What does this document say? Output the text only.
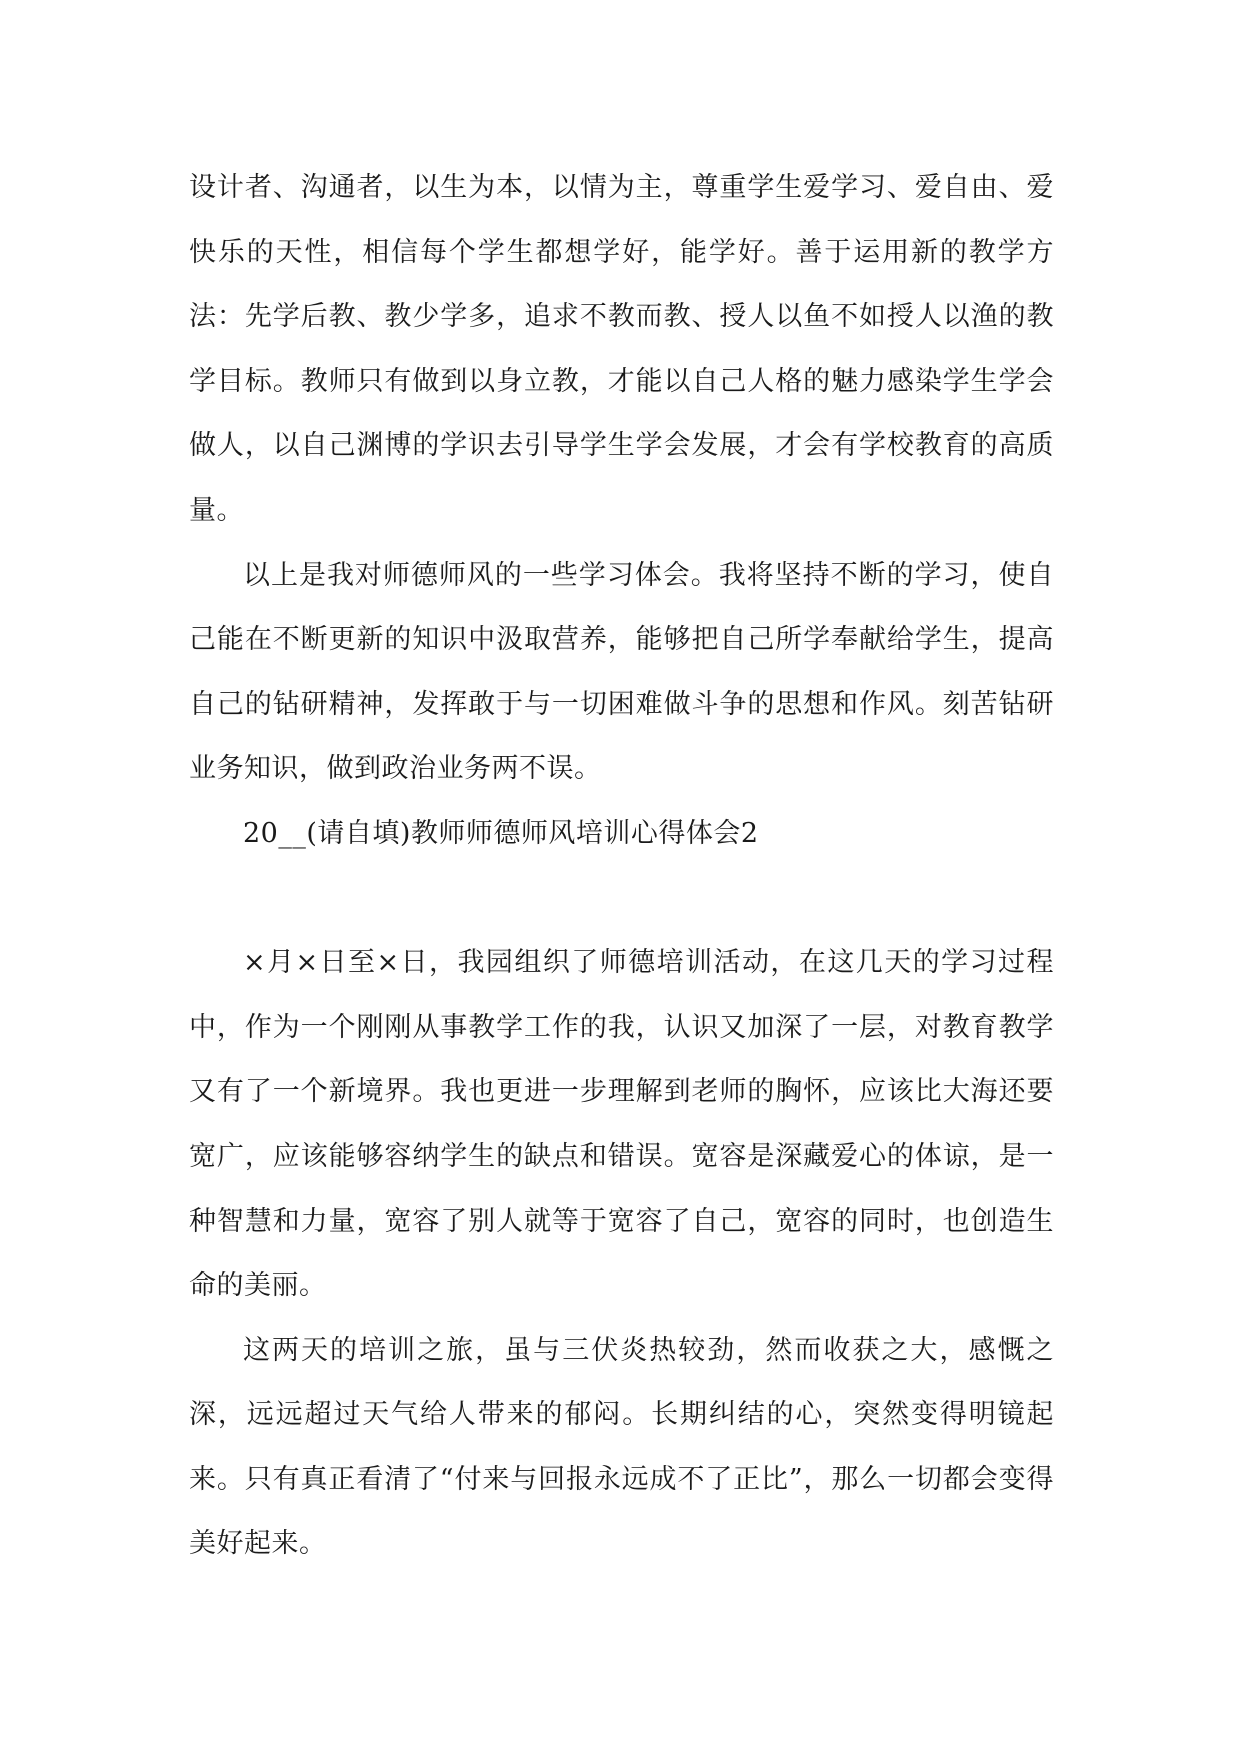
设计者、沟通者，以生为本，以情为主，尊重学生爱学习、爱自由、爱快乐的天性，相信每个学生都想学好，能学好。善于运用新的教学方法：先学后教、教少学多，追求不教而教、授人以鱼不如授人以渔的教学目标。教师只有做到以身立教，才能以自己人格的魅力感染学生学会做人，以自己渊博的学识去引导学生学会发展，才会有学校教育的高质量。

以上是我对师德师风的一些学习体会。我将坚持不断的学习，使自己能在不断更新的知识中汲取营养，能够把自己所学奉献给学生，提高自己的钻研精神，发挥敢于与一切困难做斗争的思想和作风。刻苦钻研业务知识，做到政治业务两不误。

20__(请自填)教师师德师风培训心得体会2

×月×日至×日，我园组织了师德培训活动，在这几天的学习过程中，作为一个刚刚从事教学工作的我，认识又加深了一层，对教育教学又有了一个新境界。我也更进一步理解到老师的胸怀，应该比大海还要宽广，应该能够容纳学生的缺点和错误。宽容是深藏爱心的体谅，是一种智慧和力量，宽容了别人就等于宽容了自己，宽容的同时，也创造生命的美丽。

这两天的培训之旅，虽与三伏炎热较劲，然而收获之大，感慨之深，远远超过天气给人带来的郁闷。长期纠结的心，突然变得明镜起来。只有真正看清了“付来与回报永远成不了正比”，那么一切都会变得美好起来。
